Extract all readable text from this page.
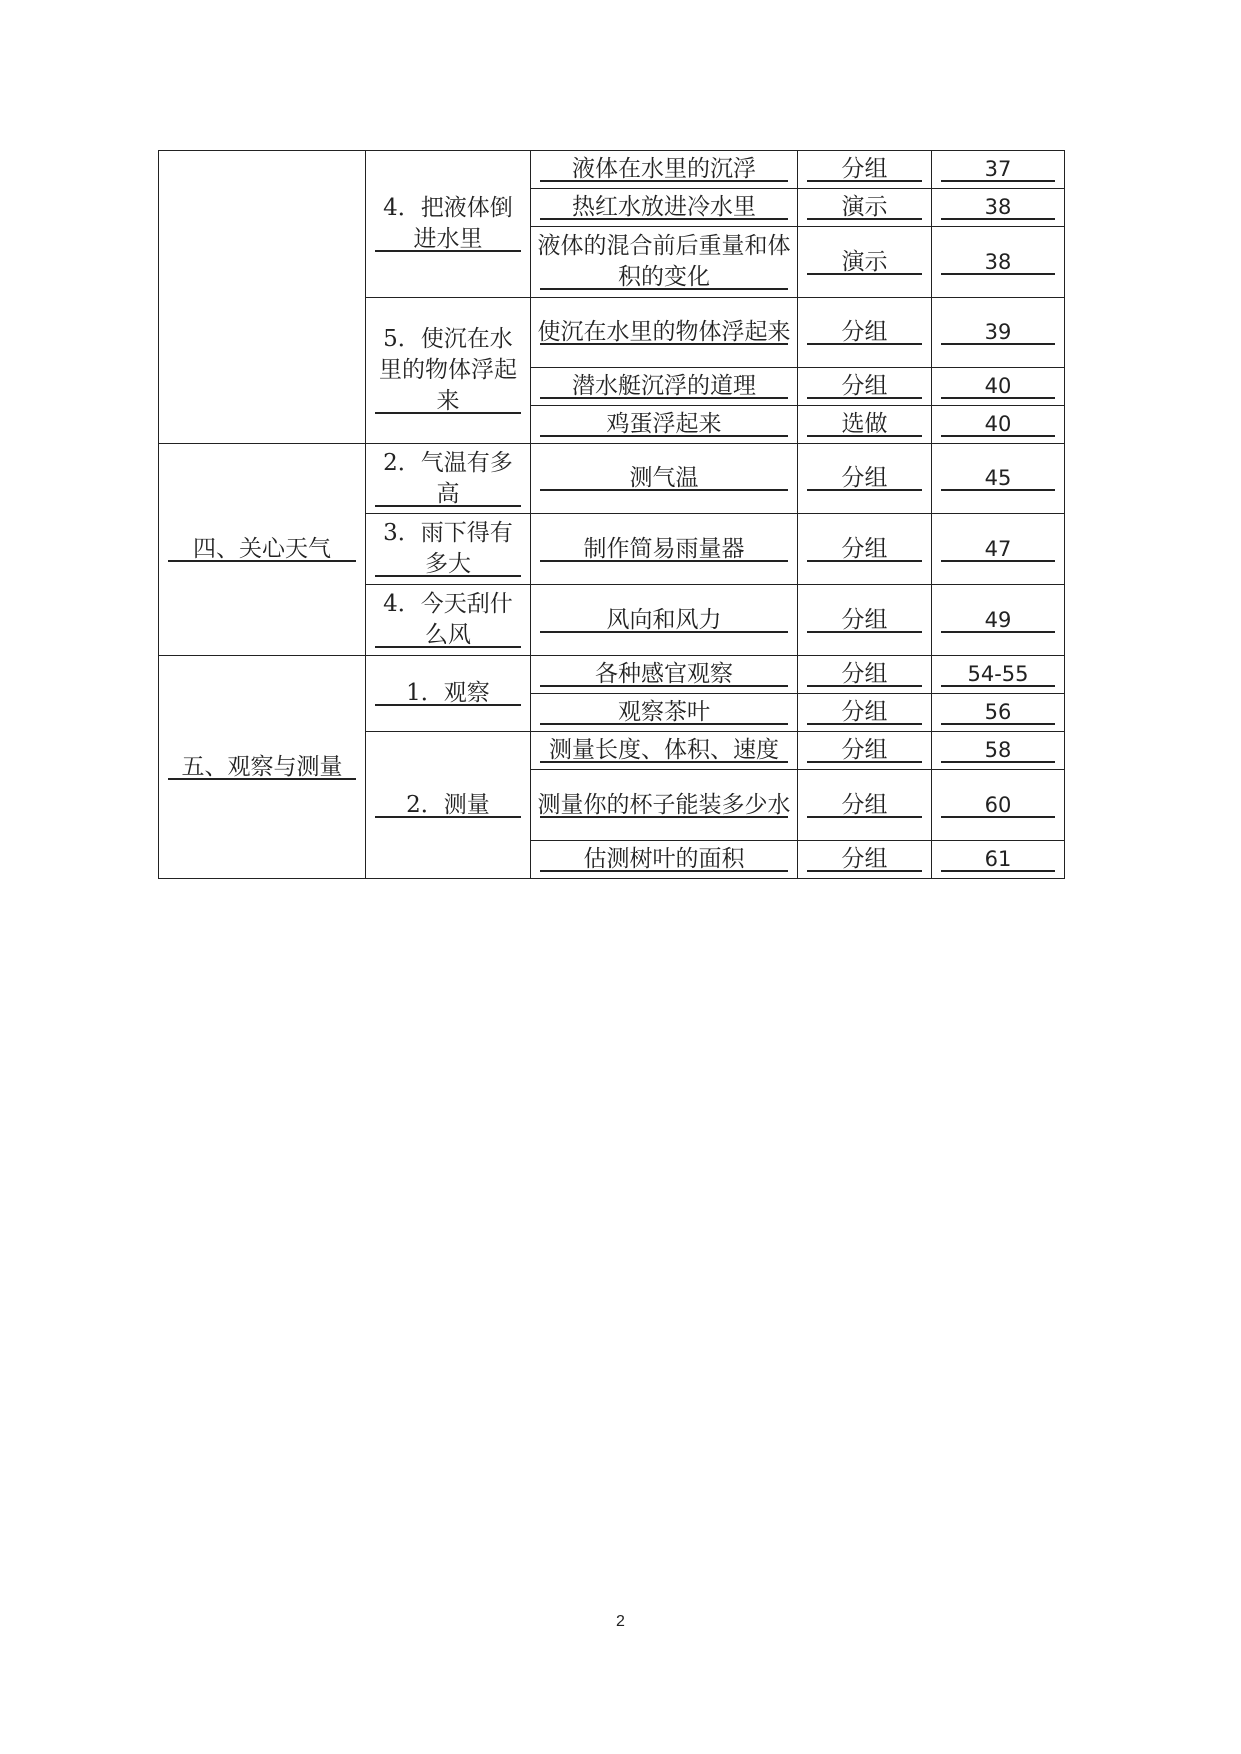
	4．把液体倒进水里	液体在水里的沉浮	分组	37

		热红水放进冷水里	演示	38

		液体的混合前后重量和体积的变化	演示	38

	5．使沉在水里的物体浮起来	使沉在水里的物体浮起来	分组	39

		潜水艇沉浮的道理	分组	40

		鸡蛋浮起来	选做	40

四、关心天气	2．气温有多高	测气温	分组	45

	3．雨下得有多大	制作简易雨量器	分组	47

	4．今天刮什么风	风向和风力	分组	49

五、观察与测量	1．观察	各种感官观察	分组	54-55

		观察茶叶	分组	56

	2．测量	测量长度、体积、速度	分组	58

		测量你的杯子能装多少水	分组	60

		估测树叶的面积	分组	61
2
